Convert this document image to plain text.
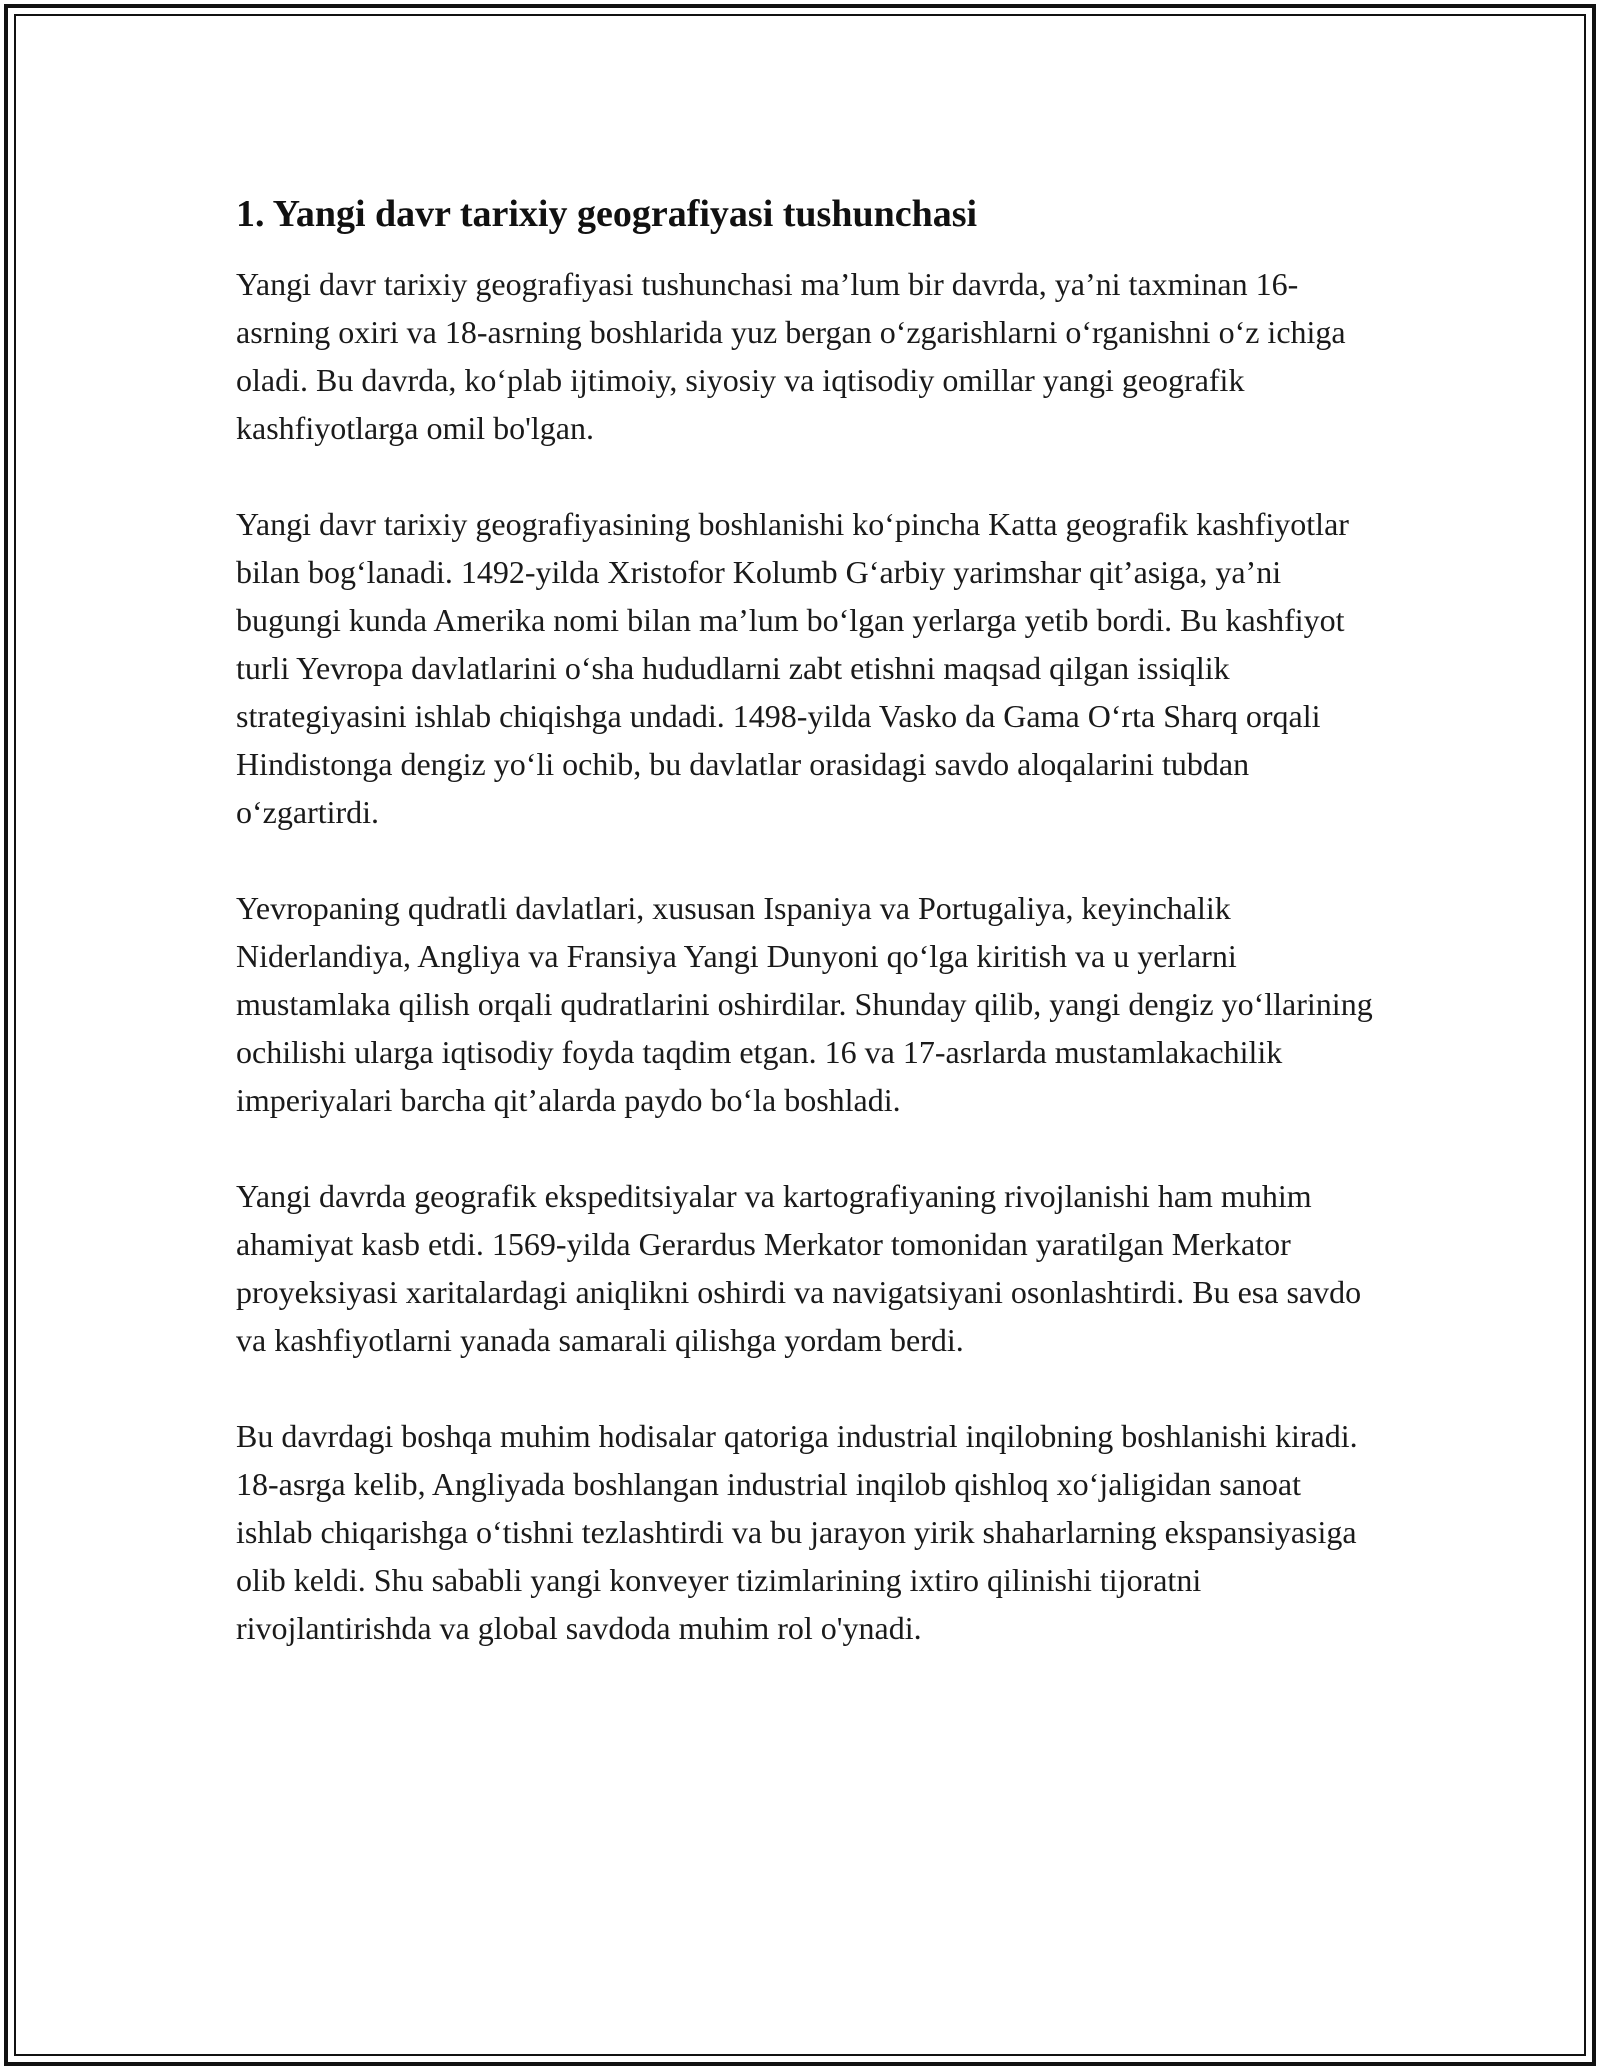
1. Yangi davr tarixiy geografiyasi tushunchasi

Yangi davr tarixiy geografiyasi tushunchasi ma’lum bir davrda, ya’ni taxminan 16-asrning oxiri va 18-asrning boshlarida yuz bergan o‘zgarishlarni o‘rganishni o‘z ichiga oladi. Bu davrda, ko‘plab ijtimoiy, siyosiy va iqtisodiy omillar yangi geografik kashfiyotlarga omil bo'lgan.

Yangi davr tarixiy geografiyasining boshlanishi ko‘pincha Katta geografik kashfiyotlar bilan bog‘lanadi. 1492-yilda Xristofor Kolumb G‘arbiy yarimshar qit’asiga, ya’ni bugungi kunda Amerika nomi bilan ma’lum bo‘lgan yerlarga yetib bordi. Bu kashfiyot turli Yevropa davlatlarini o‘sha hududlarni zabt etishni maqsad qilgan issiqlik strategiyasini ishlab chiqishga undadi. 1498-yilda Vasko da Gama O‘rta Sharq orqali Hindistonga dengiz yo‘li ochib, bu davlatlar orasidagi savdo aloqalarini tubdan o‘zgartirdi.

Yevropaning qudratli davlatlari, xususan Ispaniya va Portugaliya, keyinchalik Niderlandiya, Angliya va Fransiya Yangi Dunyoni qo‘lga kiritish va u yerlarni mustamlaka qilish orqali qudratlarini oshirdilar. Shunday qilib, yangi dengiz yo‘llarining ochilishi ularga iqtisodiy foyda taqdim etgan. 16 va 17-asrlarda mustamlakachilik imperiyalari barcha qit’alarda paydo bo‘la boshladi.

Yangi davrda geografik ekspeditsiyalar va kartografiyaning rivojlanishi ham muhim ahamiyat kasb etdi. 1569-yilda Gerardus Merkator tomonidan yaratilgan Merkator proyeksiyasi xaritalardagi aniqlikni oshirdi va navigatsiyani osonlashtirdi. Bu esa savdo va kashfiyotlarni yanada samarali qilishga yordam berdi.

Bu davrdagi boshqa muhim hodisalar qatoriga industrial inqilobning boshlanishi kiradi. 18-asrga kelib, Angliyada boshlangan industrial inqilob qishloq xo‘jaligidan sanoat ishlab chiqarishga o‘tishni tezlashtirdi va bu jarayon yirik shaharlarning ekspansiyasiga olib keldi. Shu sababli yangi konveyer tizimlarining ixtiro qilinishi tijoratni rivojlantirishda va global savdoda muhim rol o'ynadi.
